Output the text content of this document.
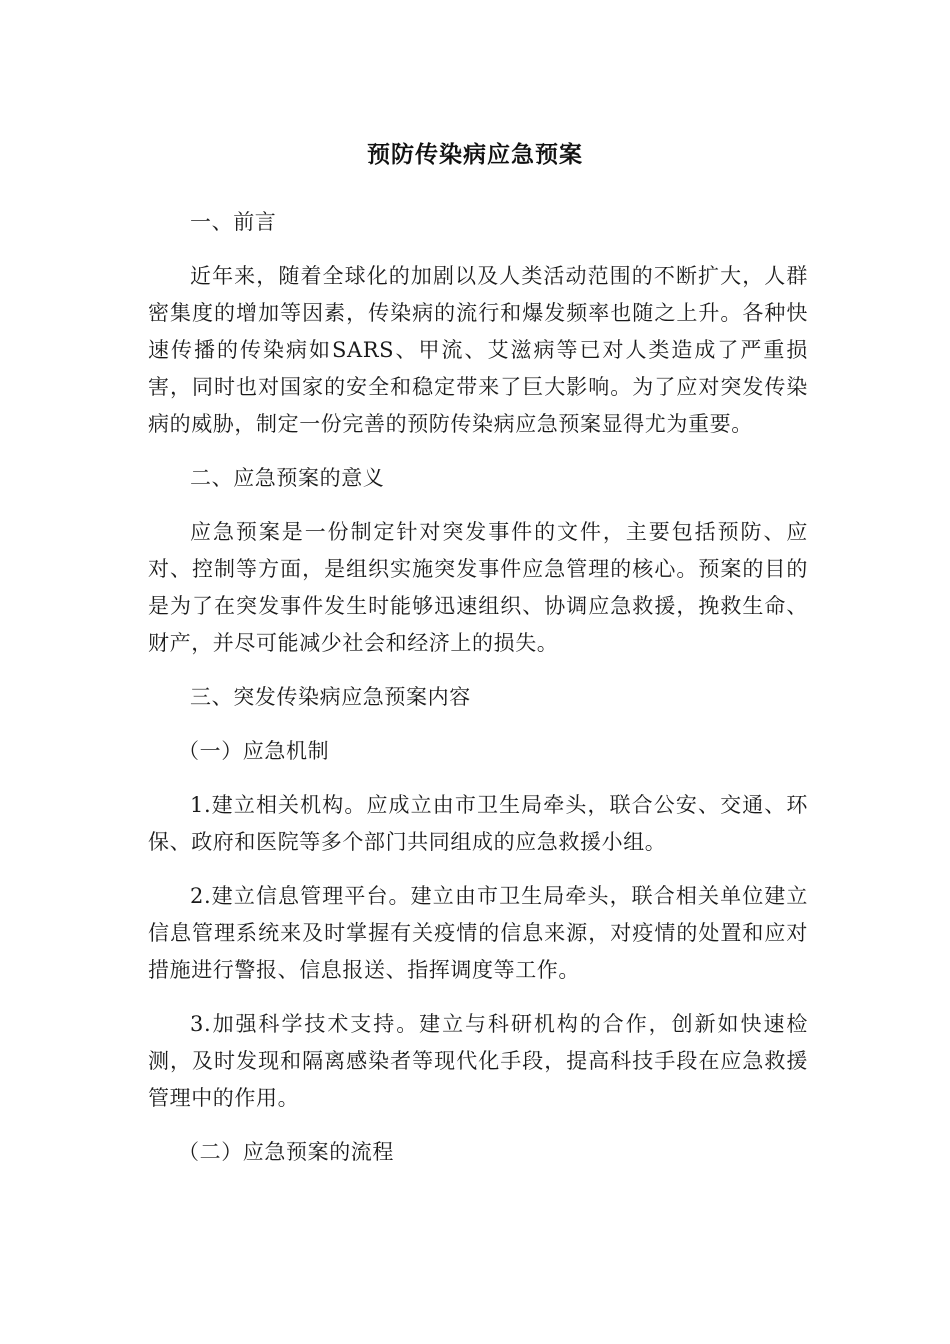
预防传染病应急预案

一、前言

近年来，随着全球化的加剧以及人类活动范围的不断扩大，人群密集度的增加等因素，传染病的流行和爆发频率也随之上升。各种快速传播的传染病如SARS、甲流、艾滋病等已对人类造成了严重损害，同时也对国家的安全和稳定带来了巨大影响。为了应对突发传染病的威胁，制定一份完善的预防传染病应急预案显得尤为重要。

二、应急预案的意义

应急预案是一份制定针对突发事件的文件，主要包括预防、应对、控制等方面，是组织实施突发事件应急管理的核心。预案的目的是为了在突发事件发生时能够迅速组织、协调应急救援，挽救生命、财产，并尽可能减少社会和经济上的损失。

三、突发传染病应急预案内容

（一）应急机制

1.建立相关机构。应成立由市卫生局牵头，联合公安、交通、环保、政府和医院等多个部门共同组成的应急救援小组。

2.建立信息管理平台。建立由市卫生局牵头，联合相关单位建立信息管理系统来及时掌握有关疫情的信息来源，对疫情的处置和应对措施进行警报、信息报送、指挥调度等工作。

3.加强科学技术支持。建立与科研机构的合作，创新如快速检测，及时发现和隔离感染者等现代化手段，提高科技手段在应急救援管理中的作用。

（二）应急预案的流程
